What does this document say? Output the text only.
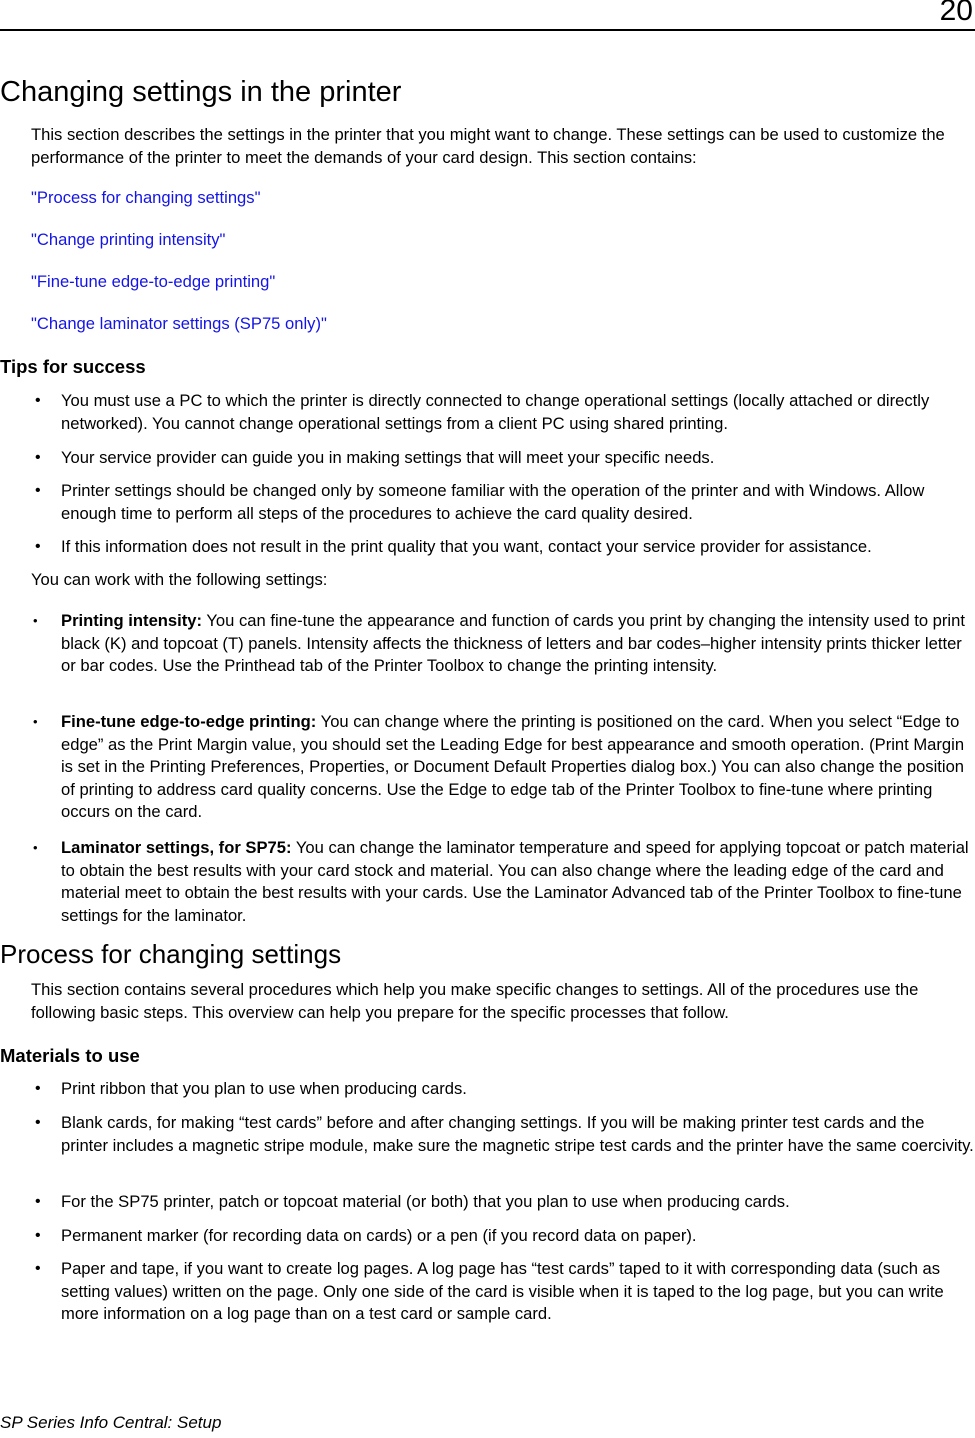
20
Changing settings in the printer

This section describes the settings in the printer that you might want to change. These settings can be used to customize the performance of the printer to meet the demands of your card design. This section contains:

"Process for changing settings"
"Change printing intensity"
"Fine-tune edge-to-edge printing"
"Change laminator settings (SP75 only)"
Tips for success
• You must use a PC to which the printer is directly connected to change operational settings (locally attached or directly networked). You cannot change operational settings from a client PC using shared printing.

• Your service provider can guide you in making settings that will meet your specific needs.

• Printer settings should be changed only by someone familiar with the operation of the printer and with Windows. Allow enough time to perform all steps of the procedures to achieve the card quality desired.

• If this information does not result in the print quality that you want, contact your service provider for assistance.

You can work with the following settings:

• Printing intensity: You can fine-tune the appearance and function of cards you print by changing the intensity used to print black (K) and topcoat (T) panels. Intensity affects the thickness of letters and bar codes–higher intensity prints thicker letter or bar codes. Use the Printhead tab of the Printer Toolbox to change the printing intensity.

• Fine-tune edge-to-edge printing: You can change where the printing is positioned on the card. When you select “Edge to edge” as the Print Margin value, you should set the Leading Edge for best appearance and smooth operation. (Print Margin is set in the Printing Preferences, Properties, or Document Default Properties dialog box.) You can also change the position of printing to address card quality concerns. Use the Edge to edge tab of the Printer Toolbox to fine-tune where printing occurs on the card.

• Laminator settings, for SP75: You can change the laminator temperature and speed for applying topcoat or patch material to obtain the best results with your card stock and material. You can also change where the leading edge of the card and material meet to obtain the best results with your cards. Use the Laminator Advanced tab of the Printer Toolbox to fine-tune settings for the laminator.

Process for changing settings

This section contains several procedures which help you make specific changes to settings. All of the procedures use the following basic steps. This overview can help you prepare for the specific processes that follow.

Materials to use
• Print ribbon that you plan to use when producing cards.

• Blank cards, for making “test cards” before and after changing settings. If you will be making printer test cards and the printer includes a magnetic stripe module, make sure the magnetic stripe test cards and the printer have the same coercivity.

• For the SP75 printer, patch or topcoat material (or both) that you plan to use when producing cards.

• Permanent marker (for recording data on cards) or a pen (if you record data on paper).

• Paper and tape, if you want to create log pages. A log page has “test cards” taped to it with corresponding data (such as setting values) written on the page. Only one side of the card is visible when it is taped to the log page, but you can write more information on a log page than on a test card or sample card.

SP Series Info Central: Setup
